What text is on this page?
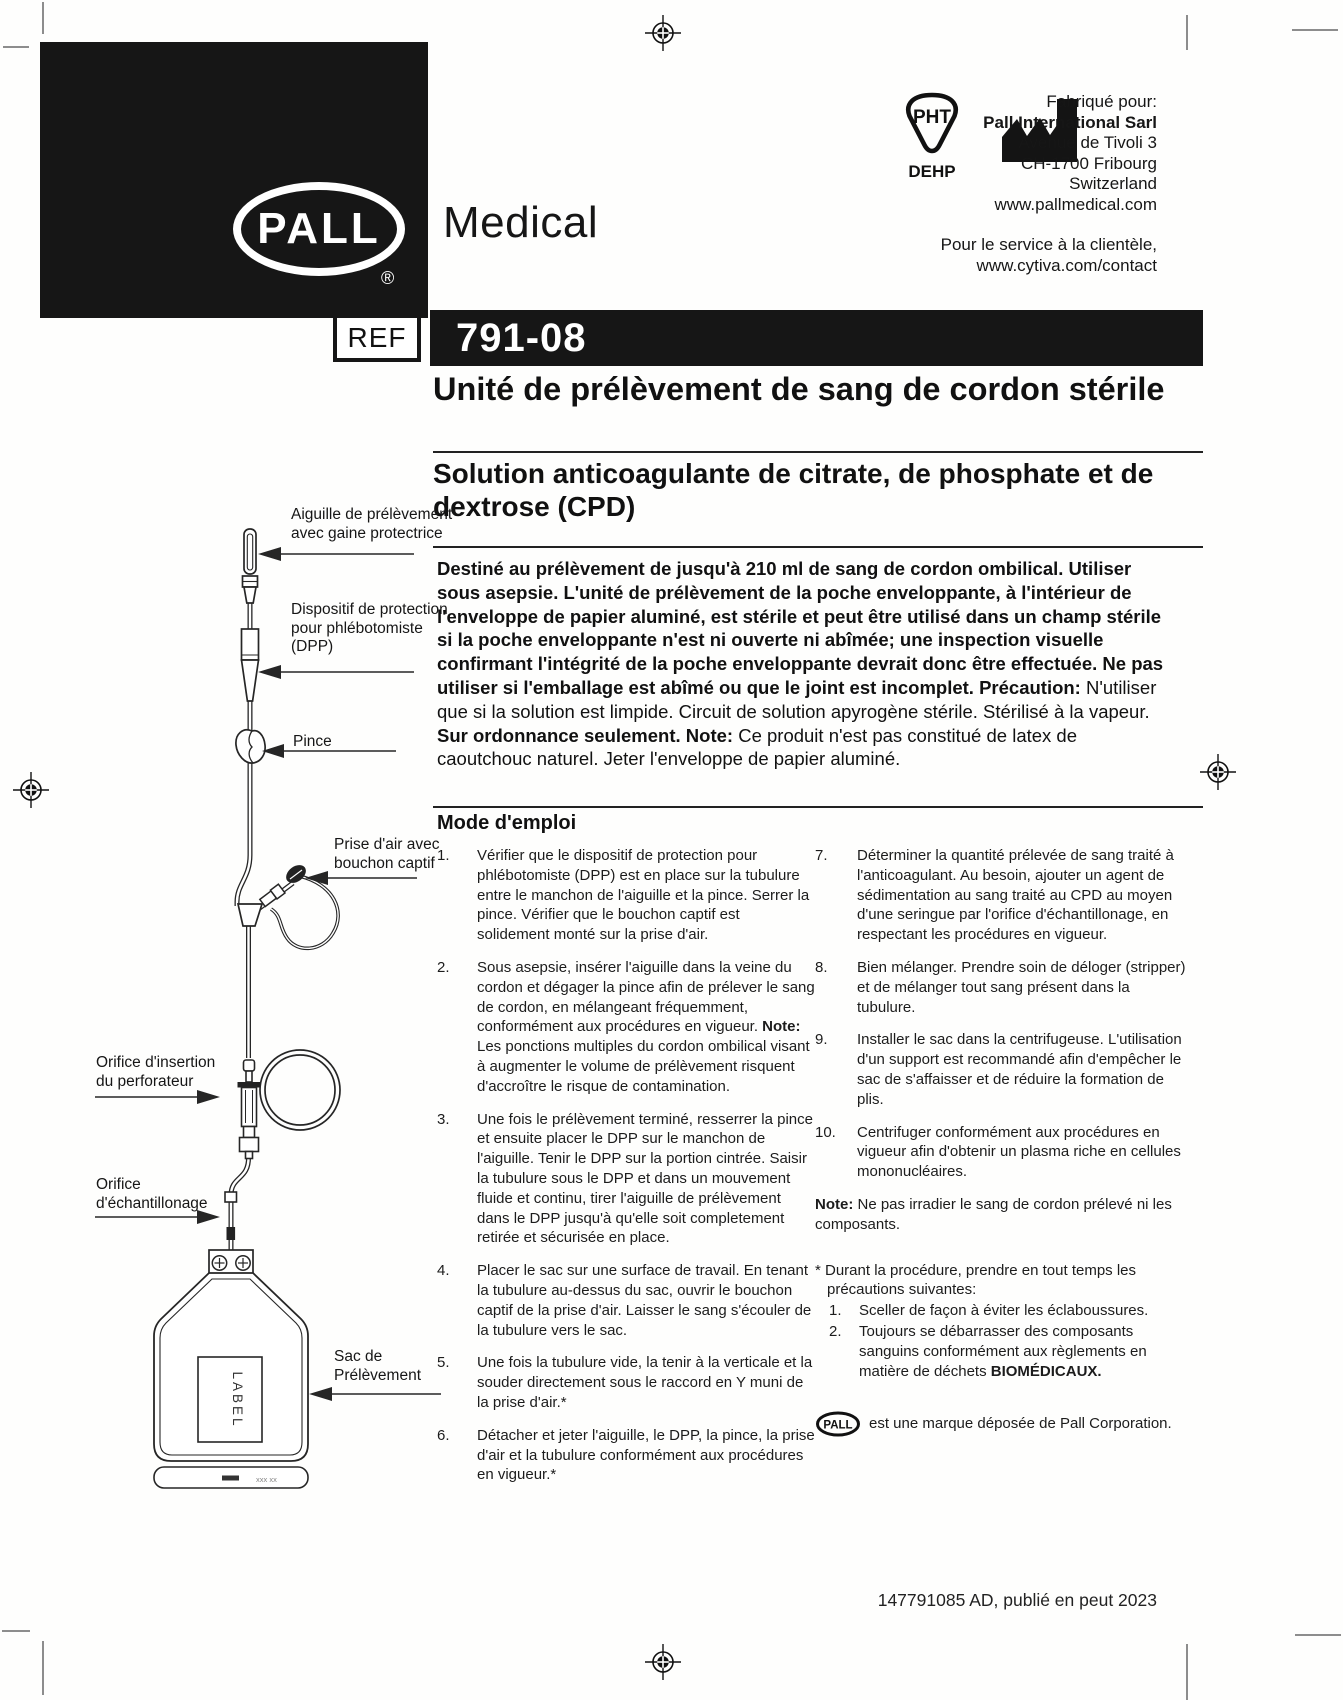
PALL
®
Medical
PHT
DEHP
Fabriqué pour:
Pall International Sarl
Avenue de Tivoli 3
CH-1700 Fribourg
Switzerland
www.pallmedical.com
Pour le service à la clientèle,
www.cytiva.com/contact
REF	791-08
Unité de prélèvement de sang de cordon stérile
Solution anticoagulante de citrate, de phosphate et de dextrose (CPD)
Destiné au prélèvement de jusqu'à 210 ml de sang de cordon ombilical. Utiliser sous asepsie. L'unité de prélèvement de la poche enveloppante, à l'intérieur de l'enveloppe de papier aluminé, est stérile et peut être utilisé dans un champ stérile si la poche enveloppante n'est ni ouverte ni abîmée; une inspection visuelle confirmant l'intégrité de la poche enveloppante devrait donc être effectuée. Ne pas utiliser si l'emballage est abîmé ou que le joint est incomplet. Précaution: N'utiliser que si la solution est limpide. Circuit de solution apyrogène stérile. Stérilisé à la vapeur. Sur ordonnance seulement. Note: Ce produit n'est pas constitué de latex de caoutchouc naturel. Jeter l'enveloppe de papier aluminé.
Mode d'emploi
1.	Vérifier que le dispositif de protection pour phlébotomiste (DPP) est en place sur la tubulure entre le manchon de l'aiguille et la pince. Serrer la pince. Vérifier que le bouchon captif est solidement monté sur la prise d'air.
2.	Sous asepsie, insérer l'aiguille dans la veine du cordon et dégager la pince afin de prélever le sang de cordon, en mélangeant fréquemment, conformément aux procédures en vigueur. Note: Les ponctions multiples du cordon ombilical visant à augmenter le volume de prélèvement risquent d'accroître le risque de contamination.
3.	Une fois le prélèvement terminé, resserrer la pince et ensuite placer le DPP sur le manchon de l'aiguille. Tenir le DPP sur la portion cintrée. Saisir la tubulure sous le DPP et dans un mouvement fluide et continu, tirer l'aiguille de prélèvement dans le DPP jusqu'à qu'elle soit completement retirée et sécurisée en place.
4.	Placer le sac sur une surface de travail. En tenant la tubulure au-dessus du sac, ouvrir le bouchon captif de la prise d'air. Laisser le sang s'écouler de la tubulure vers le sac.
5.	Une fois la tubulure vide, la tenir à la verticale et la souder directement sous le raccord en Y muni de la prise d'air.*
6.	Détacher et jeter l'aiguille, le DPP, la pince, la prise d'air et la tubulure conformément aux procédures en vigueur.*
7.	Déterminer la quantité prélevée de sang traité à l'anticoagulant. Au besoin, ajouter un agent de sédimentation au sang traité au CPD au moyen d'une seringue par l'orifice d'échantillonage, en respectant les procédures en vigueur.
8.	Bien mélanger. Prendre soin de déloger (stripper) et de mélanger tout sang présent dans la tubulure.
9.	Installer le sac dans la centrifugeuse. L'utilisation d'un support est recommandé afin d'empêcher le sac de s'affaisser et de réduire la formation de plis.
10.	Centrifuger conformément aux procédures en vigueur afin d'obtenir un plasma riche en cellules mononucléaires.
Note: Ne pas irradier le sang de cordon prélevé ni les composants.
* Durant la procédure, prendre en tout temps les précautions suivantes:
1.	Sceller de façon à éviter les éclaboussures.
2.	Toujours se débarrasser des composants sanguins conformément aux règlements en matière de déchets BIOMÉDICAUX.
PALL est une marque déposée de Pall Corporation.
LABEL
xxx xx
Aiguille de prélèvement
avec gaine protectrice
Dispositif de protection
pour phlébotomiste
(DPP)
Pince
Prise d'air avec
bouchon captif
Orifice d'insertion
du perforateur
Orifice
d'échantillonage
Sac de
Prélèvement
147791085 AD, publié en peut 2023
